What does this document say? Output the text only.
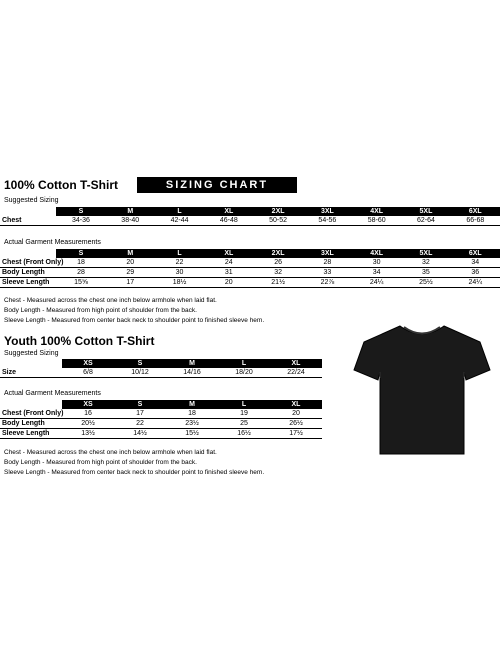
100% Cotton T-Shirt	SIZING CHART
Suggested Sizing
	S	M	L	XL	2XL	3XL	4XL	5XL	6XL
Chest	34-36	38-40	42-44	46-48	50-52	54-56	58-60	62-64	66-68
Actual Garment Measurements
	S	M	L	XL	2XL	3XL	4XL	5XL	6XL
Chest (Front Only)	18	20	22	24	26	28	30	32	34
Body Length	28	29	30	31	32	33	34	35	36
Sleeve Length	15⅝	17	18½	20	21½	22⅞	24¼	25½	24¼
Chest - Measured across the chest one inch below armhole when laid flat.
Body Length - Measured from high point of shoulder from the back.
Sleeve Length - Measured from center back neck to shoulder point to finished sleeve hem.
Youth 100% Cotton T-Shirt
Suggested Sizing
	XS	S	M	L	XL
Size	6/8	10/12	14/16	18/20	22/24
Actual Garment Measurements
	XS	S	M	L	XL
Chest (Front Only)	16	17	18	19	20
Body Length	20½	22	23½	25	26½
Sleeve Length	13½	14½	15½	16½	17½
Chest - Measured across the chest one inch below armhole when laid flat.
Body Length - Measured from high point of shoulder from the back.
Sleeve Length - Measured from center back neck to shoulder point to finished sleeve hem.
